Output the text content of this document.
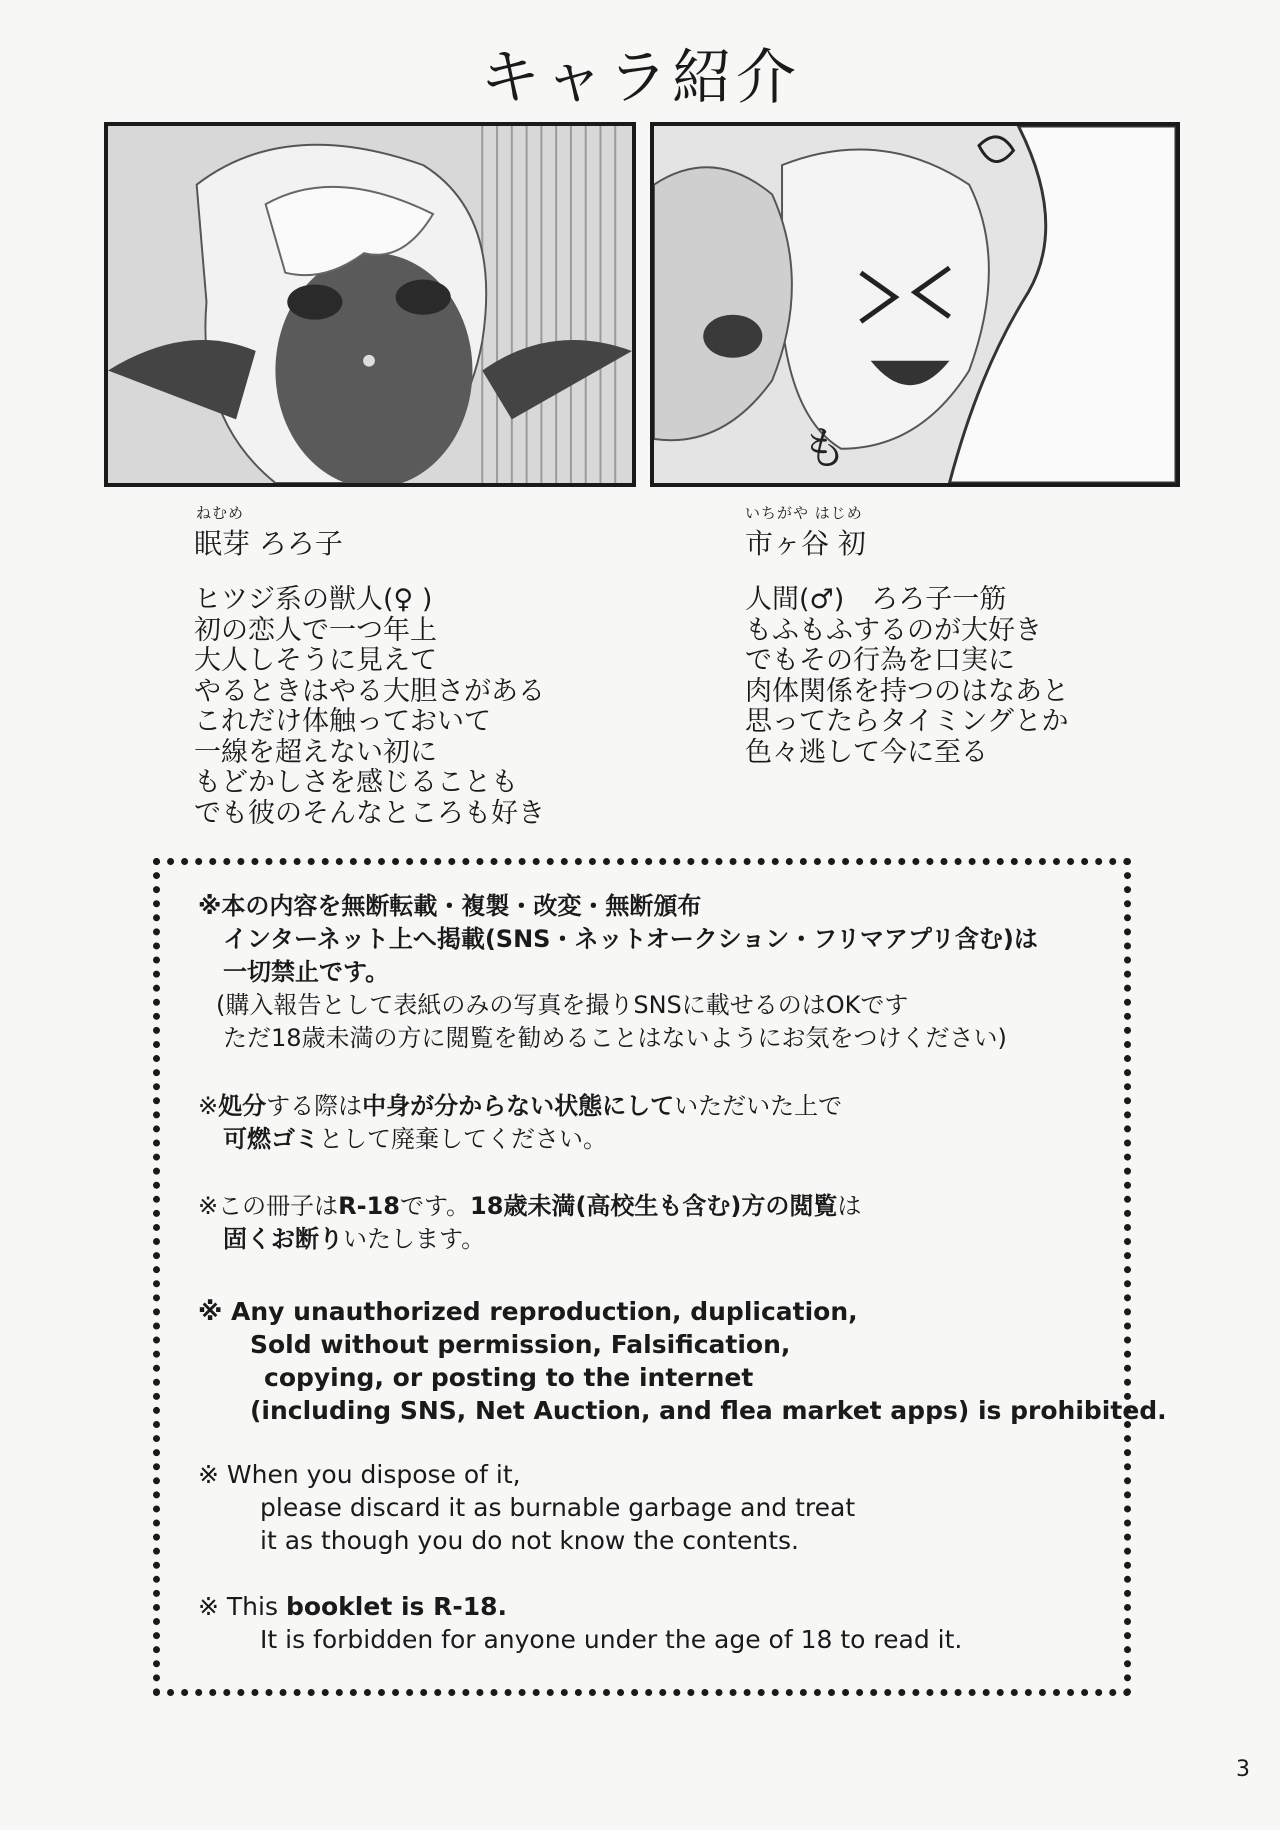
キャラ紹介
も
ねむめ
眠芽 ろろ子
ヒツジ系の獣人(♀ )
初の恋人で一つ年上
大人しそうに見えて
やるときはやる大胆さがある
これだけ体触っておいて
一線を超えない初に
もどかしさを感じることも
でも彼のそんなところも好き
いちがや はじめ
市ヶ谷 初
人間(♂)　ろろ子一筋
もふもふするのが大好き
でもその行為を口実に
肉体関係を持つのはなあと
思ってたらタイミングとか
色々逃して今に至る
※本の内容を無断転載・複製・改変・無断頒布
インターネット上へ掲載(SNS・ネットオークション・フリマアプリ含む)は
一切禁止です。
(購入報告として表紙のみの写真を撮りSNSに載せるのはOKです
ただ18歳未満の方に閲覧を勧めることはないようにお気をつけください)
※処分する際は中身が分からない状態にしていただいた上で
可燃ゴミとして廃棄してください。
※この冊子はR-18です。18歳未満(高校生も含む)方の閲覧は
固くお断りいたします。
※ Any unauthorized reproduction, duplication,
Sold without permission, Falsification,
copying, or posting to the internet
(including SNS, Net Auction, and flea market apps) is prohibited.
※ When you dispose of it,
please discard it as burnable garbage and treat
it as though you do not know the contents.
※ This booklet is R-18.
It is forbidden for anyone under the age of 18 to read it.
3
